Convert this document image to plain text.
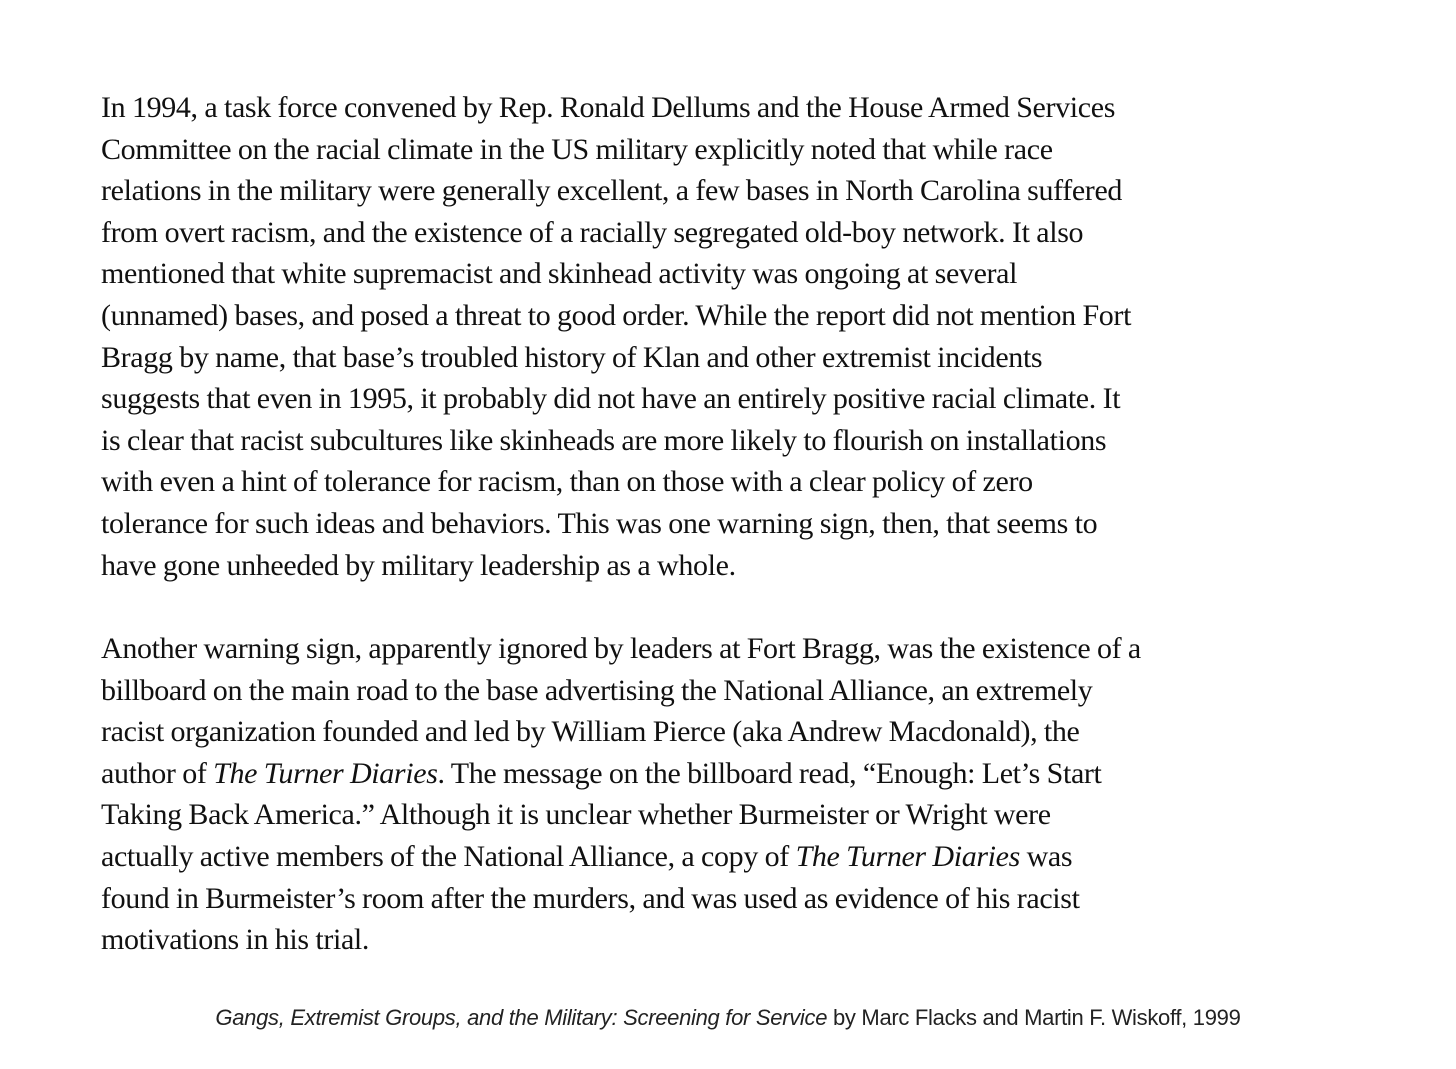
In 1994, a task force convened by Rep. Ronald Dellums and the House Armed Services
Committee on the racial climate in the US military explicitly noted that while race
relations in the military were generally excellent, a few bases in North Carolina suffered
from overt racism, and the existence of a racially segregated old-boy network. It also
mentioned that white supremacist and skinhead activity was ongoing at several
(unnamed) bases, and posed a threat to good order. While the report did not mention Fort
Bragg by name, that base’s troubled history of Klan and other extremist incidents
suggests that even in 1995, it probably did not have an entirely positive racial climate. It
is clear that racist subcultures like skinheads are more likely to flourish on installations
with even a hint of tolerance for racism, than on those with a clear policy of zero
tolerance for such ideas and behaviors. This was one warning sign, then, that seems to
have gone unheeded by military leadership as a whole.
Another warning sign, apparently ignored by leaders at Fort Bragg, was the existence of a
billboard on the main road to the base advertising the National Alliance, an extremely
racist organization founded and led by William Pierce (aka Andrew Macdonald), the
author of The Turner Diaries. The message on the billboard read, “Enough: Let’s Start
Taking Back America.” Although it is unclear whether Burmeister or Wright were
actually active members of the National Alliance, a copy of The Turner Diaries was
found in Burmeister’s room after the murders, and was used as evidence of his racist
motivations in his trial.
Gangs, Extremist Groups, and the Military: Screening for Service by Marc Flacks and Martin F. Wiskoff, 1999
